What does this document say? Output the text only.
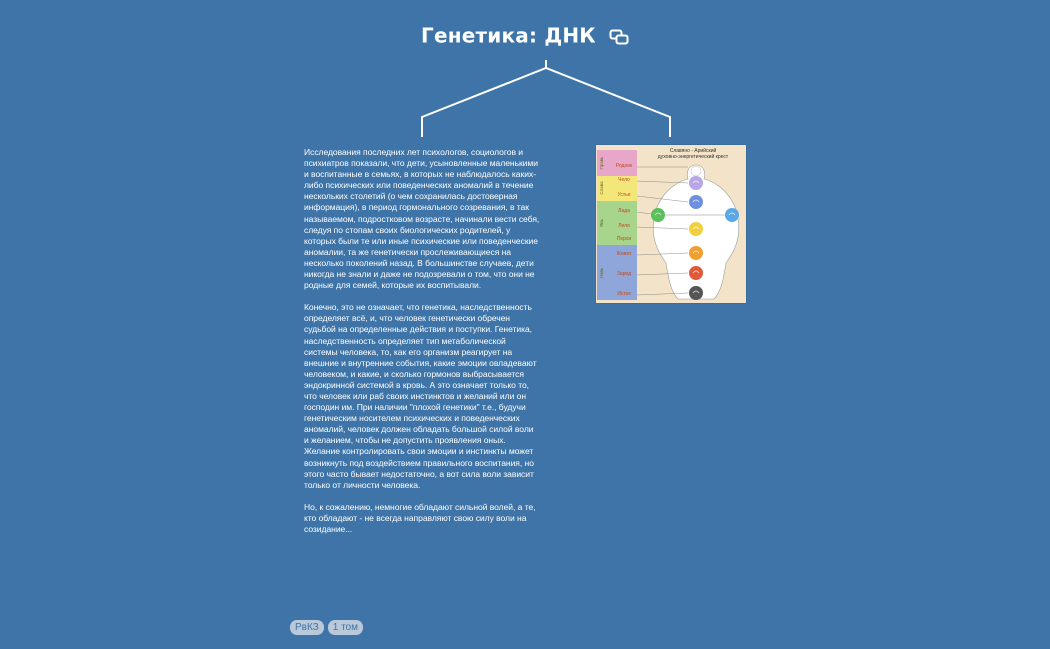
Генетика: ДНК

Исследования последних лет психологов, социологов и психиатров показали, что дети, усыновленные маленькими и воспитанные в семьях, в которых не наблюдалось каких-либо психических или поведенческих аномалий в течение нескольких столетий (о чем сохранилась достоверная информация), в период гормонального созревания, в так называемом, подростковом возрасте, начинали вести себя, следуя по стопам своих биологических родителей, у которых были те или иные психические или поведенческие аномалии, та же генетически прослеживающиеся на несколько поколений назад. В большинстве случаев, дети никогда не знали и даже не подозревали о том, что они не родные для семей, которые их воспитывали.

Конечно, это не означает, что генетика, наследственность определяет всё, и, что человек генетически обречен судьбой на определенные действия и поступки. Генетика, наследственность определяет тип метаболической системы человека, то, как его организм реагирует на внешние и внутренние события, какие эмоции овладевают человеком, и какие, и сколько гормонов выбрасывается эндокринной системой в кровь. А это означает только то, что человек или раб своих инстинктов и желаний или он господин им. При наличии "плохой генетики" т.е., будучи генетическим носителем психических и поведенческих аномалий, человек должен обладать большой силой воли и желанием, чтобы не допустить проявления оных. Желание контролировать свои эмоции и инстинкты может возникнуть под воздействием правильного воспитания, но этого часто бывает недостаточно, а вот сила воли зависит только от личности человека.

Но, к сожалению, немногие обладают сильной волей, а те, кто обладают - не всегда направляют свою силу воли на созидание...

Славяно - Арийский
духовно-энергетический крест
Правь
Слава
Явь
Навь
Родник
Чело
Устье
Лада
Леля
Перси
Живот
Зарод
Исток
РвКЗ	1 том
